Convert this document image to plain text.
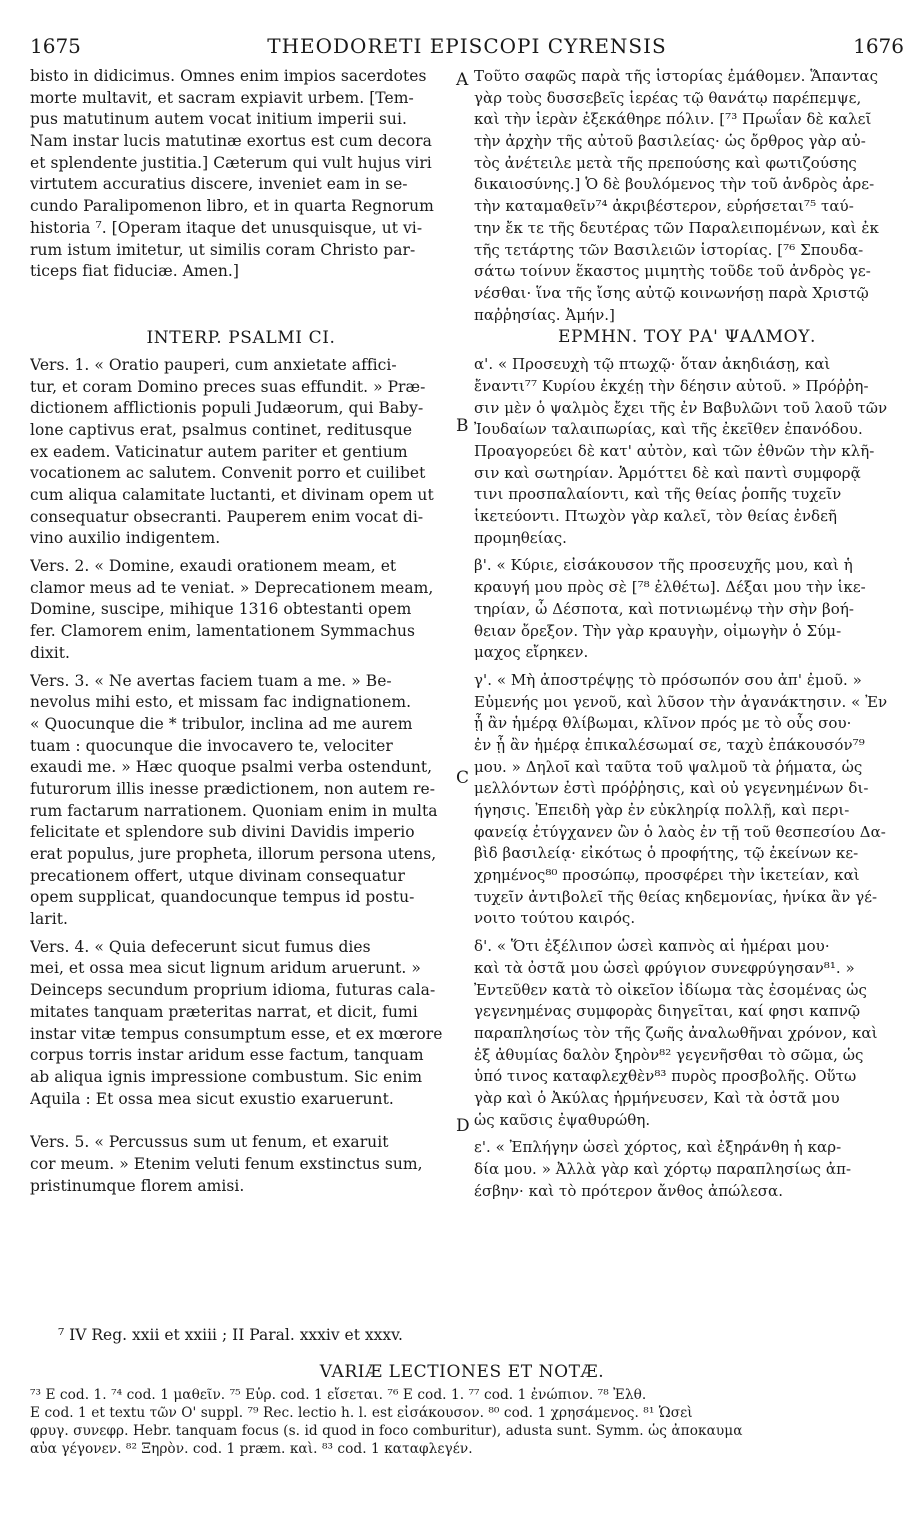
1675	THEODORETI EPISCOPI CYRENSIS	1676
A
B
C
D
bisto in didicimus. Omnes enim impios sacerdotes
morte multavit, et sacram expiavit urbem. [Tem-
pus matutinum autem vocat initium imperii sui.
Nam instar lucis matutinæ exortus est cum decora
et splendente justitia.] Cæterum qui vult hujus viri
virtutem accuratius discere, inveniet eam in se-
cundo Paralipomenon libro, et in quarta Regnorum
historia ⁷. [Operam itaque det unusquisque, ut vi-
rum istum imitetur, ut similis coram Christo par-
ticeps fiat fiduciæ. Amen.]
INTERP. PSALMI CI.
Vers. 1. « Oratio pauperi, cum anxietate affici-
tur, et coram Domino preces suas effundit. » Præ-
dictionem afflictionis populi Judæorum, qui Baby-
lone captivus erat, psalmus continet, reditusque
ex eadem. Vaticinatur autem pariter et gentium
vocationem ac salutem. Convenit porro et cuilibet
cum aliqua calamitate luctanti, et divinam opem ut
consequatur obsecranti. Pauperem enim vocat di-
vino auxilio indigentem.
Vers. 2. « Domine, exaudi orationem meam, et
clamor meus ad te veniat. » Deprecationem meam,
Domine, suscipe, mihique 1316 obtestanti opem
fer. Clamorem enim, lamentationem Symmachus
dixit.
Vers. 3. « Ne avertas faciem tuam a me. » Be-
nevolus mihi esto, et missam fac indignationem.
« Quocunque die * tribulor, inclina ad me aurem
tuam : quocunque die invocavero te, velociter
exaudi me. » Hæc quoque psalmi verba ostendunt,
futurorum illis inesse prædictionem, non autem re-
rum factarum narrationem. Quoniam enim in multa
felicitate et splendore sub divini Davidis imperio
erat populus, jure propheta, illorum persona utens,
precationem offert, utque divinam consequatur
opem supplicat, quandocunque tempus id postu-
larit.
Vers. 4. « Quia defecerunt sicut fumus dies
mei, et ossa mea sicut lignum aridum aruerunt. »
Deinceps secundum proprium idioma, futuras cala-
mitates tanquam præteritas narrat, et dicit, fumi
instar vitæ tempus consumptum esse, et ex mœrore
corpus torris instar aridum esse factum, tanquam
ab aliqua ignis impressione combustum. Sic enim
Aquila : Et ossa mea sicut exustio exaruerunt.
Vers. 5. « Percussus sum ut fenum, et exaruit
cor meum. » Etenim veluti fenum exstinctus sum,
pristinumque florem amisi.
Τοῦτο σαφῶς παρὰ τῆς ἱστορίας ἐμάθομεν. Ἅπαντας
γὰρ τοὺς δυσσεβεῖς ἱερέας τῷ θανάτῳ παρέπεμψε,
καὶ τὴν ἱερὰν ἐξεκάθηρε πόλιν. [⁷³ Πρωΐαν δὲ καλεῖ
τὴν ἀρχὴν τῆς αὐτοῦ βασιλείας· ὡς ὄρθρος γὰρ αὐ-
τὸς ἀνέτειλε μετὰ τῆς πρεπούσης καὶ φωτιζούσης
δικαιοσύνης.] Ὁ δὲ βουλόμενος τὴν τοῦ ἀνδρὸς ἀρε-
τὴν καταμαθεῖν⁷⁴ ἀκριβέστερον, εὑρήσεται⁷⁵ ταύ-
την ἔκ τε τῆς δευτέρας τῶν Παραλειπομένων, καὶ ἐκ
τῆς τετάρτης τῶν Βασιλειῶν ἱστορίας. [⁷⁶ Σπουδα-
σάτω τοίνυν ἕκαστος μιμητὴς τοῦδε τοῦ ἀνδρὸς γε-
νέσθαι· ἵνα τῆς ἴσης αὐτῷ κοινωνήσῃ παρὰ Χριστῷ
παῤῥησίας. Ἀμήν.]
ΕΡΜΗΝ. ΤΟΥ ΡΑ' ΨΑΛΜΟΥ.
α'. « Προσευχὴ τῷ πτωχῷ· ὅταν ἀκηδιάσῃ, καὶ
ἔναντι⁷⁷ Κυρίου ἐκχέῃ τὴν δέησιν αὐτοῦ. » Πρόῤῥη-
σιν μὲν ὁ ψαλμὸς ἔχει τῆς ἐν Βαβυλῶνι τοῦ λαοῦ τῶν
Ἰουδαίων ταλαιπωρίας, καὶ τῆς ἐκεῖθεν ἐπανόδου.
Προαγορεύει δὲ κατ' αὐτὸν, καὶ τῶν ἐθνῶν τὴν κλῆ-
σιν καὶ σωτηρίαν. Ἁρμόττει δὲ καὶ παντὶ συμφορᾷ
τινι προσπαλαίοντι, καὶ τῆς θείας ῥοπῆς τυχεῖν
ἱκετεύοντι. Πτωχὸν γὰρ καλεῖ, τὸν θείας ἐνδεῆ
προμηθείας.
β'. « Κύριε, εἰσάκουσον τῆς προσευχῆς μου, καὶ ἡ
κραυγή μου πρὸς σὲ [⁷⁸ ἐλθέτω]. Δέξαι μου τὴν ἱκε-
τηρίαν, ὦ Δέσποτα, καὶ ποτνιωμένῳ τὴν σὴν βοή-
θειαν ὄρεξον. Τὴν γὰρ κραυγὴν, οἰμωγὴν ὁ Σύμ-
μαχος εἴρηκεν.
γ'. « Μὴ ἀποστρέψῃς τὸ πρόσωπόν σου ἀπ' ἐμοῦ. »
Εὐμενής μοι γενοῦ, καὶ λῦσον τὴν ἀγανάκτησιν. « Ἐν
ᾗ ἂν ἡμέρᾳ θλίβωμαι, κλῖνον πρός με τὸ οὖς σου·
ἐν ᾗ ἂν ἡμέρᾳ ἐπικαλέσωμαί σε, ταχὺ ἐπάκουσόν⁷⁹
μου. » Δηλοῖ καὶ ταῦτα τοῦ ψαλμοῦ τὰ ῥήματα, ὡς
μελλόντων ἐστὶ πρόῤῥησις, καὶ οὐ γεγενημένων δι-
ήγησις. Ἐπειδὴ γὰρ ἐν εὐκληρίᾳ πολλῇ, καὶ περι-
φανείᾳ ἐτύγχανεν ὢν ὁ λαὸς ἐν τῇ τοῦ θεσπεσίου Δα-
βὶδ βασιλείᾳ· εἰκότως ὁ προφήτης, τῷ ἐκείνων κε-
χρημένος⁸⁰ προσώπῳ, προσφέρει τὴν ἱκετείαν, καὶ
τυχεῖν ἀντιβολεῖ τῆς θείας κηδεμονίας, ἡνίκα ἂν γέ-
νοιτο τούτου καιρός.
δ'. « Ὅτι ἐξέλιπον ὡσεὶ καπνὸς αἱ ἡμέραι μου·
καὶ τὰ ὀστᾶ μου ὡσεὶ φρύγιον συνεφρύγησαν⁸¹. »
Ἐντεῦθεν κατὰ τὸ οἰκεῖον ἰδίωμα τὰς ἐσομένας ὡς
γεγενημένας συμφορὰς διηγεῖται, καί φησι καπνῷ
παραπλησίως τὸν τῆς ζωῆς ἀναλωθῆναι χρόνον, καὶ
ἐξ ἀθυμίας δαλὸν ξηρὸν⁸² γεγενῆσθαι τὸ σῶμα, ὡς
ὑπό τινος καταφλεχθὲν⁸³ πυρὸς προσβολῆς. Οὕτω
γὰρ καὶ ὁ Ἀκύλας ἡρμήνευσεν, Καὶ τὰ ὀστᾶ μου
ὡς καῦσις ἐψαθυρώθη.
ε'. « Ἐπλήγην ὡσεὶ χόρτος, καὶ ἐξηράνθη ἡ καρ-
δία μου. » Ἀλλὰ γὰρ καὶ χόρτῳ παραπλησίως ἀπ-
έσβην· καὶ τὸ πρότερον ἄνθος ἀπώλεσα.
⁷ IV Reg. xxii et xxiii ; II Paral. xxxiv et xxxv.
VARIÆ LECTIONES ET NOTÆ.
⁷³ E cod. 1. ⁷⁴ cod. 1 μαθεῖν. ⁷⁵ Εὑρ. cod. 1 εἴσεται. ⁷⁶ E cod. 1. ⁷⁷ cod. 1 ἐνώπιον. ⁷⁸ Ἐλθ.
E cod. 1 et textu τῶν Ο' suppl. ⁷⁹ Rec. lectio h. l. est εἰσάκουσον. ⁸⁰ cod. 1 χρησάμενος. ⁸¹ Ὡσεὶ
φρυγ. συνεφρ. Hebr. tanquam focus (s. id quod in foco comburitur), adusta sunt. Symm. ὡς ἀποκαυμα
αὐα γέγονεν. ⁸² Ξηρὸν. cod. 1 præm. καὶ. ⁸³ cod. 1 καταφλεγέν.
